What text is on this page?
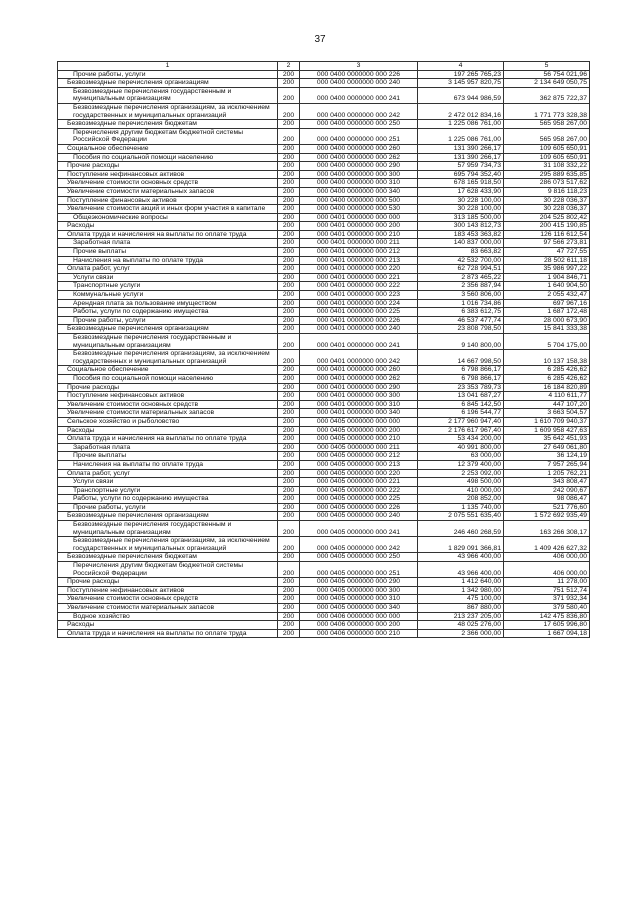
37
1	2	3	4	5
Прочие работы, услуги	200	000 0400 0000000 000 226	197 265 765,23	56 754 021,96
Безвозмездные перечисления организациям	200	000 0400 0000000 000 240	3 145 957 820,75	2 134 649 050,75
Безвозмездные перечисления государственным и муниципальным организациям	200	000 0400 0000000 000 241	673 944 986,59	362 875 722,37
Безвозмездные перечисления организациям, за исключением государственных и муниципальных организаций	200	000 0400 0000000 000 242	2 472 012 834,16	1 771 773 328,38
Безвозмездные перечисления бюджетам	200	000 0400 0000000 000 250	1 225 086 761,00	565 958 267,00
Перечисления другим бюджетам бюджетной системы Российской Федерации	200	000 0400 0000000 000 251	1 225 086 761,00	565 958 267,00
Социальное обеспечение	200	000 0400 0000000 000 260	131 390 266,17	109 605 650,91
Пособия по социальной помощи населению	200	000 0400 0000000 000 262	131 390 266,17	109 605 650,91
Прочие расходы	200	000 0400 0000000 000 290	57 959 734,73	31 108 332,22
Поступление нефинансовых активов	200	000 0400 0000000 000 300	695 794 352,40	295 889 635,85
Увеличение стоимости основных средств	200	000 0400 0000000 000 310	678 165 918,50	286 073 517,62
Увеличение стоимости материальных запасов	200	000 0400 0000000 000 340	17 628 433,90	9 816 118,23
Поступление финансовых активов	200	000 0400 0000000 000 500	30 228 100,00	30 228 036,37
Увеличение стоимости акций и иных форм участия в капитале	200	000 0400 0000000 000 530	30 228 100,00	30 228 036,37
Общеэкономические вопросы	200	000 0401 0000000 000 000	313 185 500,00	204 525 802,42
Расходы	200	000 0401 0000000 000 200	300 143 812,73	200 415 190,85
Оплата труда и начисления на выплаты по оплате труда	200	000 0401 0000000 000 210	183 453 363,82	126 116 612,54
Заработная плата	200	000 0401 0000000 000 211	140 837 000,00	97 566 273,81
Прочие выплаты	200	000 0401 0000000 000 212	83 663,82	47 727,55
Начисления на выплаты по оплате труда	200	000 0401 0000000 000 213	42 532 700,00	28 502 611,18
Оплата работ, услуг	200	000 0401 0000000 000 220	62 728 994,51	35 986 997,22
Услуги связи	200	000 0401 0000000 000 221	2 873 465,22	1 904 846,71
Транспортные услуги	200	000 0401 0000000 000 222	2 356 887,94	1 640 904,50
Коммунальные услуги	200	000 0401 0000000 000 223	3 560 806,00	2 055 432,47
Арендная плата за пользование имуществом	200	000 0401 0000000 000 224	1 016 734,86	697 967,16
Работы, услуги по содержанию имущества	200	000 0401 0000000 000 225	6 383 612,75	1 687 172,48
Прочие работы, услуги	200	000 0401 0000000 000 226	46 537 477,74	28 000 673,90
Безвозмездные перечисления организациям	200	000 0401 0000000 000 240	23 808 798,50	15 841 333,38
Безвозмездные перечисления государственным и муниципальным организациям	200	000 0401 0000000 000 241	9 140 800,00	5 704 175,00
Безвозмездные перечисления организациям, за исключением государственных и муниципальных организаций	200	000 0401 0000000 000 242	14 667 998,50	10 137 158,38
Социальное обеспечение	200	000 0401 0000000 000 260	6 798 866,17	6 285 426,62
Пособия по социальной помощи населению	200	000 0401 0000000 000 262	6 798 866,17	6 285 426,62
Прочие расходы	200	000 0401 0000000 000 290	23 353 789,73	16 184 820,89
Поступление нефинансовых активов	200	000 0401 0000000 000 300	13 041 687,27	4 110 611,77
Увеличение стоимости основных средств	200	000 0401 0000000 000 310	6 845 142,50	447 107,20
Увеличение стоимости материальных запасов	200	000 0401 0000000 000 340	6 196 544,77	3 663 504,57
Сельское хозяйство и рыболовство	200	000 0405 0000000 000 000	2 177 960 947,40	1 610 709 940,37
Расходы	200	000 0405 0000000 000 200	2 176 617 967,40	1 609 958 427,63
Оплата труда и начисления на выплаты по оплате труда	200	000 0405 0000000 000 210	53 434 200,00	35 642 451,93
Заработная плата	200	000 0405 0000000 000 211	40 991 800,00	27 649 061,80
Прочие выплаты	200	000 0405 0000000 000 212	63 000,00	36 124,19
Начисления на выплаты по оплате труда	200	000 0405 0000000 000 213	12 379 400,00	7 957 265,94
Оплата работ, услуг	200	000 0405 0000000 000 220	2 253 092,00	1 205 762,21
Услуги связи	200	000 0405 0000000 000 221	498 500,00	343 808,47
Транспортные услуги	200	000 0405 0000000 000 222	410 000,00	242 090,67
Работы, услуги по содержанию имущества	200	000 0405 0000000 000 225	208 852,00	98 086,47
Прочие работы, услуги	200	000 0405 0000000 000 226	1 135 740,00	521 776,60
Безвозмездные перечисления организациям	200	000 0405 0000000 000 240	2 075 551 635,40	1 572 692 935,49
Безвозмездные перечисления государственным и муниципальным организациям	200	000 0405 0000000 000 241	246 460 268,59	163 266 308,17
Безвозмездные перечисления организациям, за исключением государственных и муниципальных организаций	200	000 0405 0000000 000 242	1 829 091 366,81	1 409 426 627,32
Безвозмездные перечисления бюджетам	200	000 0405 0000000 000 250	43 966 400,00	406 000,00
Перечисления другим бюджетам бюджетной системы Российской Федерации	200	000 0405 0000000 000 251	43 966 400,00	406 000,00
Прочие расходы	200	000 0405 0000000 000 290	1 412 640,00	11 278,00
Поступление нефинансовых активов	200	000 0405 0000000 000 300	1 342 980,00	751 512,74
Увеличение стоимости основных средств	200	000 0405 0000000 000 310	475 100,00	371 932,34
Увеличение стоимости материальных запасов	200	000 0405 0000000 000 340	867 880,00	379 580,40
Водное хозяйство	200	000 0406 0000000 000 000	213 237 205,00	142 475 836,80
Расходы	200	000 0406 0000000 000 200	48 025 276,00	17 605 996,80
Оплата труда и начисления на выплаты по оплате труда	200	000 0406 0000000 000 210	2 366 000,00	1 667 094,18
